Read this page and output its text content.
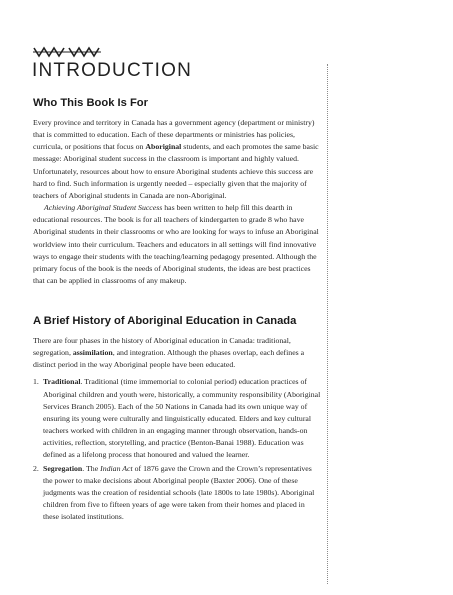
INTRODUCTION
Who This Book Is For

Every province and territory in Canada has a government agency (department or ministry) that is committed to education. Each of these departments or ministries has policies, curricula, or positions that focus on Aboriginal students, and each promotes the same basic message: Aboriginal student success in the classroom is important and highly valued. Unfortunately, resources about how to ensure Aboriginal students achieve this success are hard to find. Such information is urgently needed – especially given that the majority of teachers of Aboriginal students in Canada are non-Aboriginal.

Achieving Aboriginal Student Success has been written to help fill this dearth in educational resources. The book is for all teachers of kindergarten to grade 8 who have Aboriginal students in their classrooms or who are looking for ways to infuse an Aboriginal worldview into their curriculum. Teachers and educators in all settings will find innovative ways to engage their students with the teaching/learning pedagogy presented. Although the primary focus of the book is the needs of Aboriginal students, the ideas are best practices that can be applied in classrooms of any makeup.

A Brief History of Aboriginal Education in Canada

There are four phases in the history of Aboriginal education in Canada: traditional, segregation, assimilation, and integration. Although the phases overlap, each defines a distinct period in the way Aboriginal people have been educated.

1. Traditional. Traditional (time immemorial to colonial period) education practices of Aboriginal children and youth were, historically, a community responsibility (Aboriginal Services Branch 2005). Each of the 50 Nations in Canada had its own unique way of ensuring its young were culturally and linguistically educated. Elders and key cultural teachers worked with children in an engaging manner through observation, hands-on activities, reflection, storytelling, and practice (Benton-Banai 1988). Education was defined as a lifelong process that honoured and valued the learner.
2. Segregation. The Indian Act of 1876 gave the Crown and the Crown’s representatives the power to make decisions about Aboriginal people (Baxter 2006). One of these judgments was the creation of residential schools (late 1800s to late 1980s). Aboriginal children from five to fifteen years of age were taken from their homes and placed in these isolated institutions.
